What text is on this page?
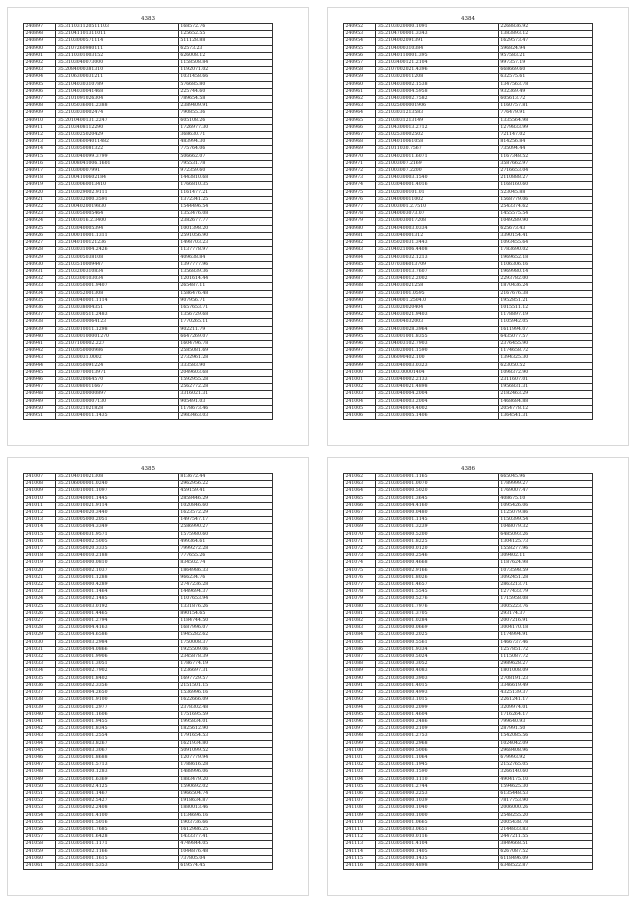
4383
240897	35.311031120511103	168572.76
240898	35.21041101311011	125652.55
240899	35.2103000571114	511128.88
240900	35.2107260980111	62573.23
240901	35.2110301003152	626008.12
240902	35.3103040073000	1158508.84
240903	35.2084000381310	1192071.02
240904	35.2106300031211	1031458.66
240905	35.2104030310789	576685.80
240906	35.2104030041468	225744.60
240907	35.2101091026304	789654.58
240908	35.2105036001.2388	2389409.91
240909	35.2103030002474	790855.36
240910	35.2010400131.2247	605108.26
240911	35.2103408112290	1726977.30
240912	35.2103025020429	368630.71
240913	35.210306004011482	483994.30
240914	35.2103050081322	775764.06
240915	35.2103040099.3799	506662.07
240916	35.21008041006.1601	795531.78
240917	35.210300007991	972359.60
240918	35.21004100602184	1443810.68
240919	35.21030060013410	1766810.35
240920	35.2103029002.9111	1161477.21
240921	35.2103032000.3591	1372341.25
240922	35.21004020019830	1544496.54
240923	35.2103050005464	1353476.08
240924	35.21003016.2.3400	2382677.77
240925	35.2103040005394	1001398.20
240926	35.2100010001.1311	2591056.90
240927	35.21040100121236	1498703.23
240928	35.2103031004.2426	1137778.97
240929	35.2103005038108	409638.84
240930	35.2103510009447	1397777.96
240931	35.2103200310834	1356839.36
240932	35.2103300103034	1201614.44
240933	35.2103050001.9407	265487.11
240934	35.2103052001308	1586476.48
240935	35.2103040001.1114	907956.71
240936	35.2103038004351	1657653.71
240937	35.2103030511.2483	1356729.68
240938	35.21050300064123	1770265.11
240939	35.2103010011.1298	902211.79
240940	35.210300100001270	6647269.07
240941	35.2107100002.227	1604796.78
240942	35.2103050000986	2585081.69
240943	35.21030031.0002	2732961.28
240944	35.2103050091224	333583.90
240945	35.21030700013971	2049603.68
240946	35.2103020064570	1592955.28
240947	35.2103080011667	2562772.28
240948	35.21030200000897	3316021.31
240949	35.21030300007130	905491.03
240950	35.2103021021828	1178673.46
240951	35.2103040011.1435	2983463.03
4384
240952	35.2103020000.1091	2268836.92
240953	35.2104700001.3343	1383893.12
240954	35.2104002091391	1629573.47
240955	35.2104000310384	596824.94
240956	35.21040110001.395	957583.21
240957	35.2103400121.2104	997357.19
240958	35.2107002021.4396	668669.60
240959	35.2103020011208	632575.61
240960	35.2104030002.1538	1347563.78
240961	35.2104030004.5958	932369.49
240962	35.2104030002.7582	605613.72
240963	35.21025000001906	1160757.81
240964	35.2103031213583	776479.91
240965	35.2103031213149	1335564.98
240966	35.2104300013.2712	1279833.99
240967	35.2102530002502	721147.02
240968	35.2104010061058	814256.84
240969	35.21011030.7567	735094.44
240970	35.2104020011.6071	1167348.52
240971	35.21003007.2169	3587662.97
240972	35.21003007.2200	2716653.04
240973	35.2104030003.1540	2110888.27
240974	35.2103040001.4016	1168160.60
240975	35.21020300101.01	523045.88
240976	35.2104000011002	1568779.06
240977	35.21003001.2.7510	2543374.62
240978	35.21040003073.07	1455575.54
240979	35.21030030017208	1049289.90
240980	35.2104040003.0334	625673.43
240981	35.2103040001312	3390154.41
240982	35.2105020031.3443	1093455.64
240983	35.2104021006.4408	1783690.02
240984	35.2104030032.1213	1969652.18
240985	35.21070306013709	1106306.16
240986	35.2103010013.7607	1969980.14
240987	35.2103040012.2002	2293782.00
240988	35.2104030021258	1870436.24
240989	35.210301001.0595	2167676.38
240990	35.21040001.2504.0	1952851.21
240991	35.2103020020404	1015511.12
240992	35.2104030021.9403	1178897.19
240993	35.2103004032003	1105942.05
240994	35.2104030028.3964	1611994.07
240995	35.2103001001.8355	6435077.57
240996	35.2104003102.7903	2376455.90
240997	35.2103020001.1590	1174658.72
240998	35.2106090402.100	1394325.30
240999	35.2103040003.0323	623050.52
241000	35.21003.00001404	1098372.90
241001	35.2103040002.2133	2311607.01
241002	35.2103040021.4898	1956831.31
241003	35.2103040004.2004	2182463.29
241004	35.2103040003.2004	1468684.88
241005	35.2103040014.4002	2054778.12
241006	35.2103030005.1406	1364541.31
4385
241007	35.2104010021308	813672.44
241008	35.2106000001.0240	2962956.22
241009	35.2103010001.1097	459159.41
241010	35.2103040001.1445	2858446.29
241011	35.2103010021.9114	1020846.60
241012	35.2103040020.3440	1623572.29
241013	35.2103005000.2051	1497547.17
241014	35.2103050004.3349	2586990.27
241015	35.2103060031.9571	1575980.60
241016	35.2103040002.5005	499364.61
241017	35.2103050020.3335	7999272.28
241018	35.2103040010.2188	777655.26
241019	35.2103050000.0810	834502.74
241020	35.2103050002.1037	1864986.33
241021	35.2103050001.1288	966234.76
241022	35.2103050000.4289	2747236.28
241023	35.2103050001.1464	1449694.37
241024	35.2103050002.1485	1107653.94
241025	35.2103050003.0192	1331876.26
241026	35.2103050001.4465	890154.65
241027	35.2103050001.2794	1184744.50
241028	35.2103050004.4163	1687996.07
241029	35.2103050004.6586	1945282.62
241030	35.2103050003.2984	1750008.37
241031	35.2103050004.0866	1925509.06
241032	35.2103050001.9906	2345878.39
241033	35.2103050011.3051	1786774.19
241034	35.2103050002.7902	1236697.31
241035	35.2103050001.8402	1697729.57
241036	35.2103050002.3356	2151501.15
241037	35.2103050004.2650	1536996.16
241038	35.2103050001.9100	1622666.09
241039	35.2103050001.2977	2378302.48
241040	35.2103050001.1606	1751695.59
241041	35.2103050001.9455	1995834.01
241042	35.2103050001.8345	1825612.90
241043	35.2103050001.2554	1791654.53
241044	35.2103050003.8267	1621934.80
241045	35.2103050003.3067	5091099.52
241046	35.2103050001.8688	1207779.94
241047	35.2103050001.5713	1788616.28
241048	35.2103050000.1283	1488996.06
241049	35.2103050001.6369	1883479.20
241050	35.2103050002.4125	1590692.02
241051	35.2103050001.1467	1966504.74
241052	35.2103050002.5427	1918634.87
241053	35.2103050002.2408	1880013.46
241054	35.2103050001.4100	1134696.16
241055	35.2103050001.5016	1903736.66
241056	35.2103050001.7685	1612986.25
241057	35.2103050001.6428	1433377.41
241058	35.2103050001.1171	4749844.05
241059	35.2103050002.1166	1044876.48
241060	35.2103050001.1615	737805.04
241061	35.2103050001.5353	619574.45
4386
241062	35.2103050001.1165	665045.96
241063	35.2103050001.0070	1789999.27
241064	35.2103050000.5020	1769007.47
241065	35.2103050001.3645	408675.10
241066	35.2103050004.4160	1095426.06
241067	35.2103050000.0480	1125079.86
241068	35.2103050001.1145	1150399.54
241069	35.2103050001.3239	1048079.32
241070	35.2103050000.5200	6485093.26
241071	35.2103050001.8225	1304125.73
241072	35.2103050000.0120	1558277.96
241073	35.2103050000.2546	309402.11
241074	35.2103050000.4668	1187624.98
241075	35.2103050002.9166	1073598.59
241076	35.2103050001.8026	3092451.28
241077	35.2103050001.4657	2863213.71
241078	35.2103050001.5545	1277433.79
241079	35.2103050000.5276	1715958.08
241080	35.2103050001.7976	3005223.76
241081	35.2103050001.3705	293174.37
241082	35.2103050001.0284	2007216.91
241083	35.2103050000.0669	3004170.18
241084	35.2103050000.2025	1174994.91
241085	35.2103050000.5561	1466737.46
241086	35.2103050001.9334	1257851.72
241087	35.2103050000.5024	1115087.72
241088	35.2103050000.3052	2989628.27
241089	35.2103050000.4083	1801008.09
241090	35.2103050000.3903	2708191.23
241091	35.2103050001.4015	3346619.49
241092	35.2103050000.4993	4325139.37
241093	35.2103050003.1015	2261241.17
241094	35.2103050000.2099	3209974.01
241095	35.2103050001.4604	1716264.17
241096	35.2103050000.2486	799640.93
241097	35.2103050000.2109	287991.50
241098	35.2103050001.2753	1542085.56
241099	35.2103050000.2968	1024042.09
241100	35.2103050000.5006	2968408.96
241101	35.2103050001.1064	679993.92
241102	35.2103050001.1945	2152765.05
241103	35.2103050000.1590	3266140.60
241104	35.2103050000.1110	4904175.10
241105	35.2103050001.2744	1594625.30
241106	35.2103050000.2253	6135448.53
241107	35.2103050000.1039	7817753.90
241108	35.2103050000.1040	2006000.26
241109	35.2103050000.1000	2548255.20
241110	35.2103050001.0665	2005438.78
241111	35.2103050003.0651	2144833.83
241112	35.2103050000.0116	2447211.55
241113	35.2103050001.4104	3849668.51
241114	35.2103050000.1405	6267087.52
241115	35.2103050000.1435	6118496.09
241116	35.2103050000.4898	6348522.87
